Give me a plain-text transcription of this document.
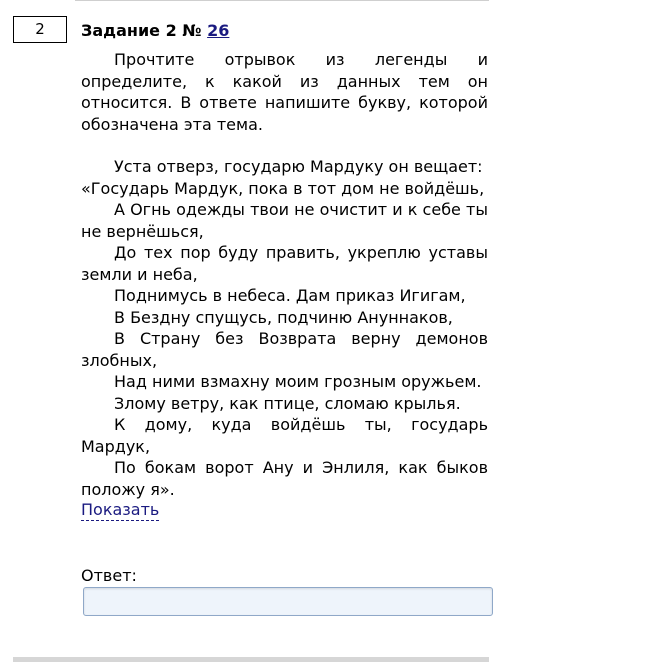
2	Задание 2 № 26

Прочтите отрывок из легенды и определите, к какой из данных тем он относится. В ответе напишите букву, которой обозначена эта тема.

Уста отверз, государю Мардуку он вещает:

«Государь Мардук, пока в тот дом не войдёшь,

А Огнь одежды твои не очистит и к себе ты не вернёшься,

До тех пор буду править, укреплю уставы земли и неба,

Поднимусь в небеса. Дам приказ Игигам,

В Бездну спущусь, подчиню Ануннаков,

В Страну без Возврата верну демонов злобных,

Над ними взмахну моим грозным оружьем.

Злому ветру, как птице, сломаю крылья.

К дому, куда войдёшь ты, государь Мардук,

По бокам ворот Ану и Энлиля, как быков положу я».

Показать
Ответ:
